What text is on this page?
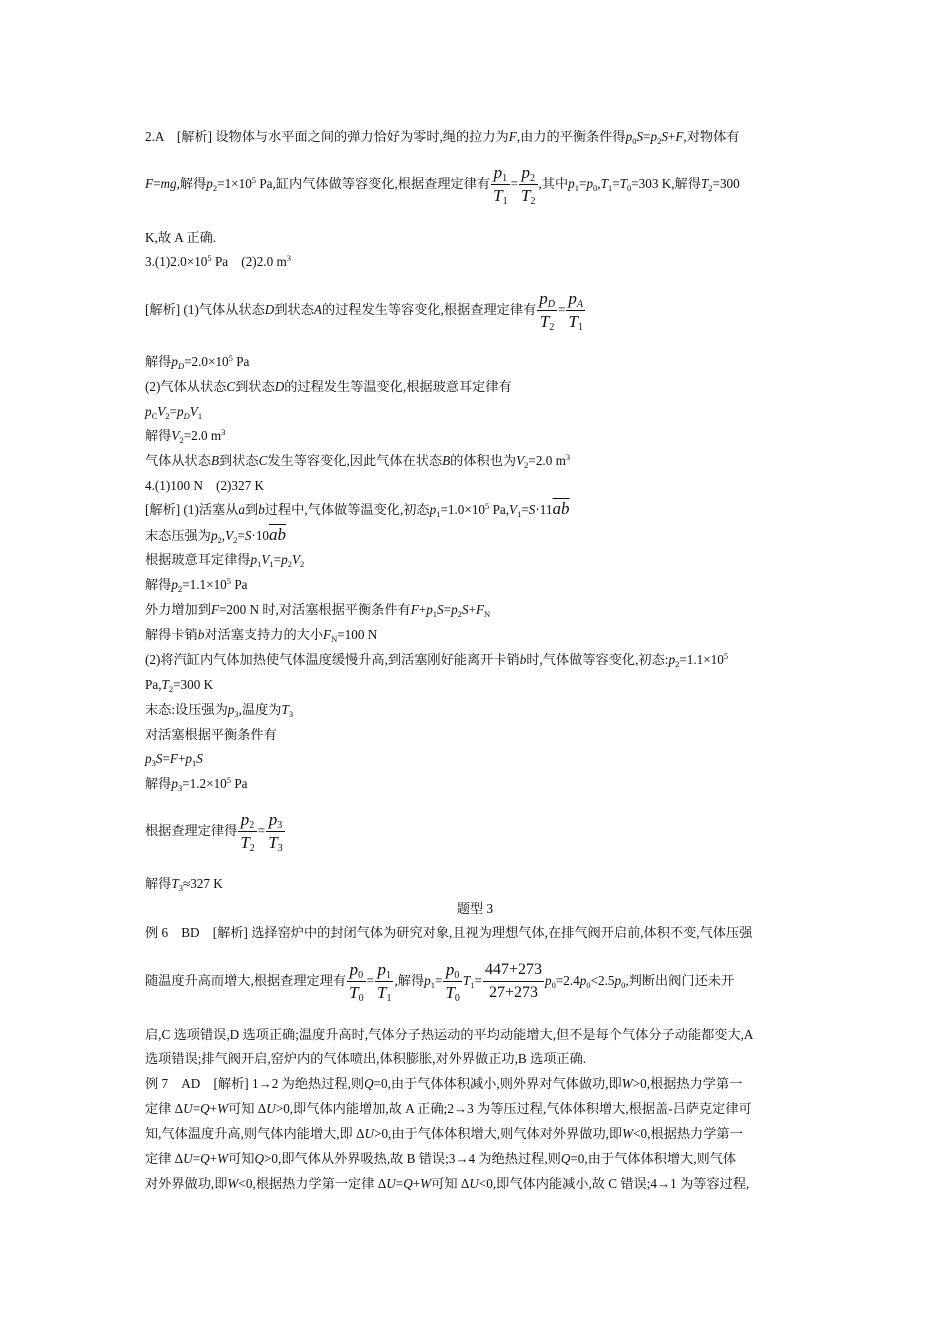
2.A　[解析] 设物体与水平面之间的弹力恰好为零时,绳的拉力为F,由力的平衡条件得$p_0S=p_2S+F$,对物体有
F=mg,解得$p_2=1\times 10^5$ Pa,缸内气体做等容变化,根据查理定律有 $\frac{p_1}{T_1} = \frac{p_2}{T_2}$ ,其中$p_1=p_0,T_1=T_0=303$ K,解得$T_2=300$
K,故 A 正确.
$3.(1)2.0\times 10^5$ Pa　(2)2.0 $m^3$
[解析] (1)气体从状态D到状态A的过程发生等容变化,根据查理定律有 $\frac{p_D}{T_2} = \frac{p_A}{T_1}$
解得$p_D=2.0\times 10^5$ Pa
(2)气体从状态C到状态D的过程发生等温变化,根据玻意耳定律有
$p_CV_2=p_DV_1$
解得$V_2=2.0$ $m^3$
气体从状态B到状态C发生等容变化,因此气体在状态B的体积也为$V_2=2.0$ $m^3$
4.(1)100 N　(2)327 K
[解析] (1)活塞从a到b过程中,气体做等温变化,初态$p_1=1.0\times 10^5$ $Pa,V_1=S\cdot 11\overline{ab}$
末态压强为$p_2,V_2=S\cdot 10\overline{ab}$
根据玻意耳定律得$p_1V_1=p_2V_2$
解得$p_2=1.1\times 10^5$ Pa
外力增加到F=200 N 时,对活塞根据平衡条件有$F+p_1S=p_2S+F_N$
解得卡销b对活塞支持力的大小$F_N=100$ N
(2)将汽缸内气体加热使气体温度缓慢升高,到活塞刚好能离开卡销b时,气体做等容变化,初态$:p_2=1.1\times 10^5$
$Pa,T_2=300$ K
末态:设压强为$p_3$,温度为$T_3$
对活塞根据平衡条件有
$p_3S=F+p_1S$
解得$p_3=1.2\times 10^5$ Pa
根据查理定律得 $\frac{p_2}{T_2} = \frac{p_3}{T_3}$
解得$T_3\approx 327$ K
题型 3
例 6　BD　[解析] 选择窑炉中的封闭气体为研究对象,且视为理想气体,在排气阀开启前,体积不变,气体压强
随温度升高而增大,根据查理定理有 $\frac{p_0}{T_0} = \frac{p_1}{T_1}$ ,解得$p_1= \frac{p_0}{T_0} T_1= \frac{447+273}{27+273} p_0=2.4p_0<2.5p_0$,判断出阀门还未开
启,C 选项错误,D 选项正确;温度升高时,气体分子热运动的平均动能增大,但不是每个气体分子动能都变大,A
选项错误;排气阀开启,窑炉内的气体喷出,体积膨胀,对外界做正功,B 选项正确.
例 7　AD　[解析] 1→2 为绝热过程,则Q=0,由于气体体积减小,则外界对气体做功,即W>0,根据热力学第一
定律 ΔU=Q+W可知 ΔU>0,即气体内能增加,故 A 正确;2→3 为等压过程,气体体积增大,根据盖-吕萨克定律可
知,气体温度升高,则气体内能增大,即 ΔU>0,由于气体体积增大,则气体对外界做功,即W<0,根据热力学第一
定律 ΔU=Q+W可知Q>0,即气体从外界吸热,故 B 错误;3→4 为绝热过程,则Q=0,由于气体体积增大,则气体
对外界做功,即W<0,根据热力学第一定律 ΔU=Q+W可知 ΔU<0,即气体内能减小,故 C 错误;4→1 为等容过程,
